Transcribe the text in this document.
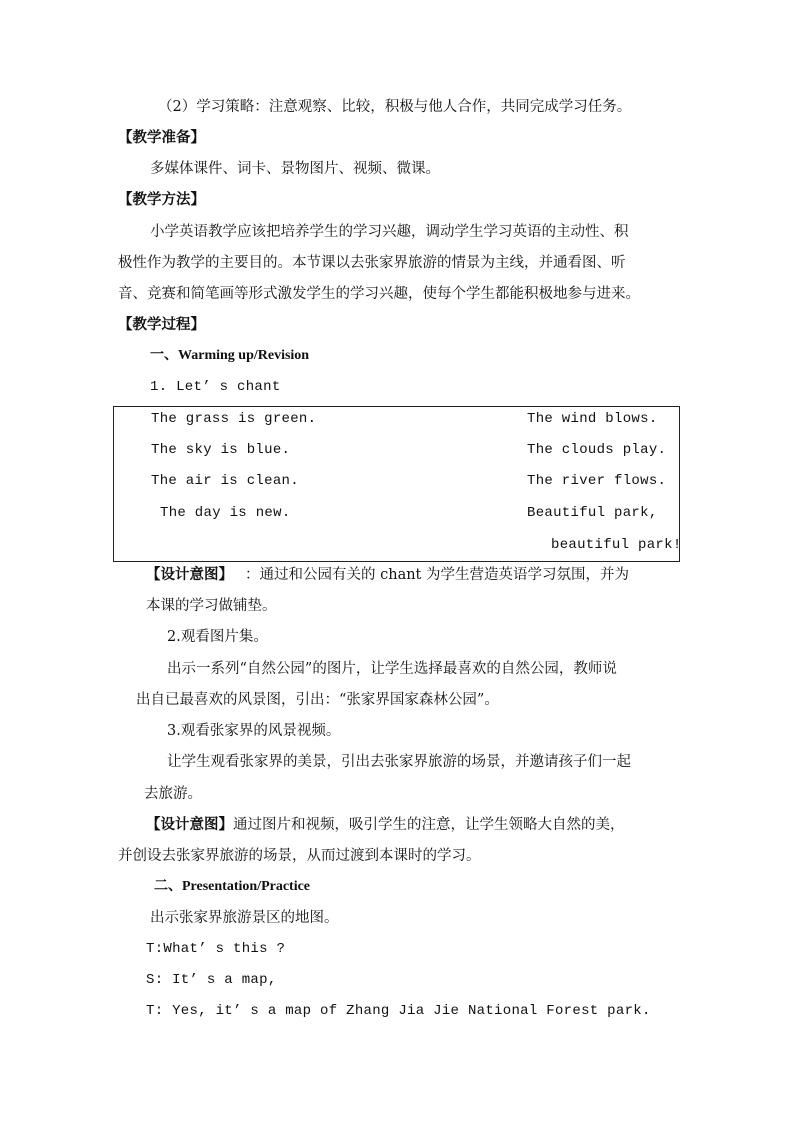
（2）学习策略：注意观察、比较，积极与他人合作，共同完成学习任务。
【教学准备】
多媒体课件、词卡、景物图片、视频、微课。
【教学方法】
小学英语教学应该把培养学生的学习兴趣，调动学生学习英语的主动性、积
极性作为教学的主要目的。本节课以去张家界旅游的情景为主线，并通看图、听
音、竞赛和简笔画等形式激发学生的学习兴趣，使每个学生都能积极地参与进来。
【教学过程】
一、Warming up/Revision
1. Let’ s chant
The grass is green.
The sky is blue.
The air is clean.
The day is new.
The wind blows.
The clouds play.
The river flows.
Beautiful park,
beautiful park!
【设计意图】 ：通过和公园有关的 chant 为学生营造英语学习氛围，并为
本课的学习做铺垫。
2.观看图片集。
出示一系列“自然公园”的图片，让学生选择最喜欢的自然公园，教师说
出自已最喜欢的风景图，引出：“张家界国家森林公园”。
3.观看张家界的风景视频。
让学生观看张家界的美景，引出去张家界旅游的场景，并邀请孩子们一起
去旅游。
【设计意图】通过图片和视频，吸引学生的注意，让学生领略大自然的美，
并创设去张家界旅游的场景，从而过渡到本课时的学习。
二、Presentation/Practice
出示张家界旅游景区的地图。
T:What’ s this ?
S: It’ s a map,
T: Yes, it’ s a map of Zhang Jia Jie National Forest park.
